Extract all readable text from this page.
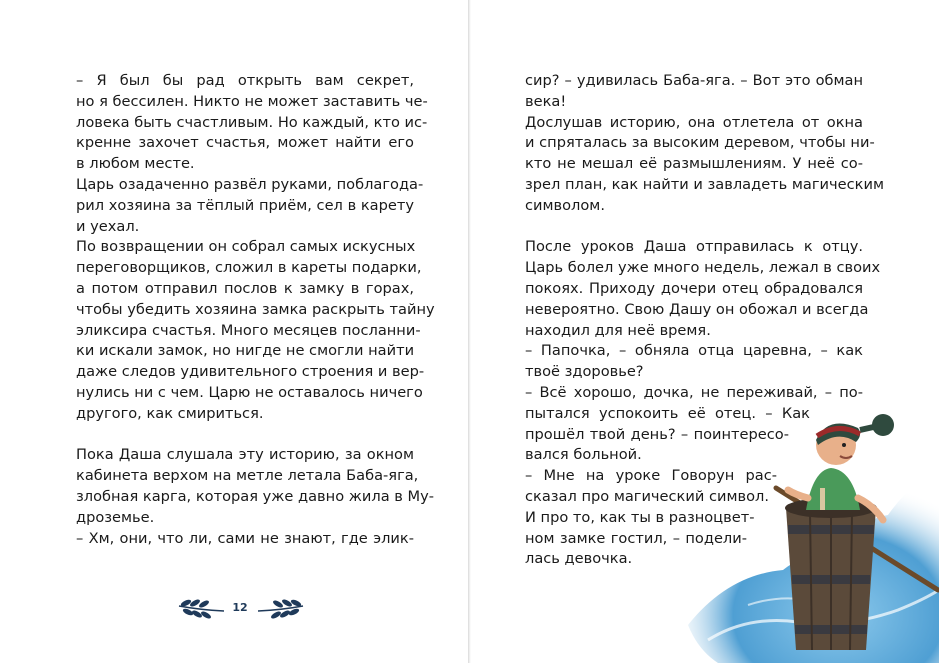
– Я был бы рад открыть вам секрет,
но я бессилен. Никто не может заставить че-
ловека быть счастливым. Но каждый, кто ис-
кренне захочет счастья, может найти его
в любом месте.
Царь озадаченно развёл руками, поблагодa-
рил хозяина за тёплый приём, сел в карету
и уехал.
По возвращении он собрал самых искусных
переговорщиков, сложил в кареты подарки,
а потом отправил послов к замку в горах,
чтобы убедить хозяина замка раскрыть тайну
эликсира счастья. Много месяцев посланни-
ки искали замок, но нигде не смогли найти
даже следов удивительного строения и вер-
нулись ни с чем. Царю не оставалось ничего
другого, как смириться.
Пока Даша слушала эту историю, за окном
кабинета верхом на метле летала Баба-яга,
злобная карга, которая уже давно жила в Му-
дроземье.
– Хм, они, что ли, сами не знают, где элик-
12
сир? – удивилась Баба-яга. – Вот это обман
века!
Дослушав историю, она отлетела от окна
и спряталась за высоким деревом, чтобы ни-
кто не мешал её размышлениям. У неё со-
зрел план, как найти и завладеть магическим
символом.
После уроков Даша отправилась к отцу.
Царь болел уже много недель, лежал в своих
покоях. Приходу дочери отец обрадовался
невероятно. Свою Дашу он обожал и всегда
находил для неё время.
– Папочка, – обняла отца царевна, – как
твоё здоровье?
– Всё хорошо, дочка, не переживай, – по-
пытался успокоить её отец. – Как
прошёл твой день? – поинтересо-
вался больной.
– Мне на уроке Говорун рас-
сказал про магический символ.
И про то, как ты в разноцвет-
ном замке гостил, – подели-
лась девочка.
